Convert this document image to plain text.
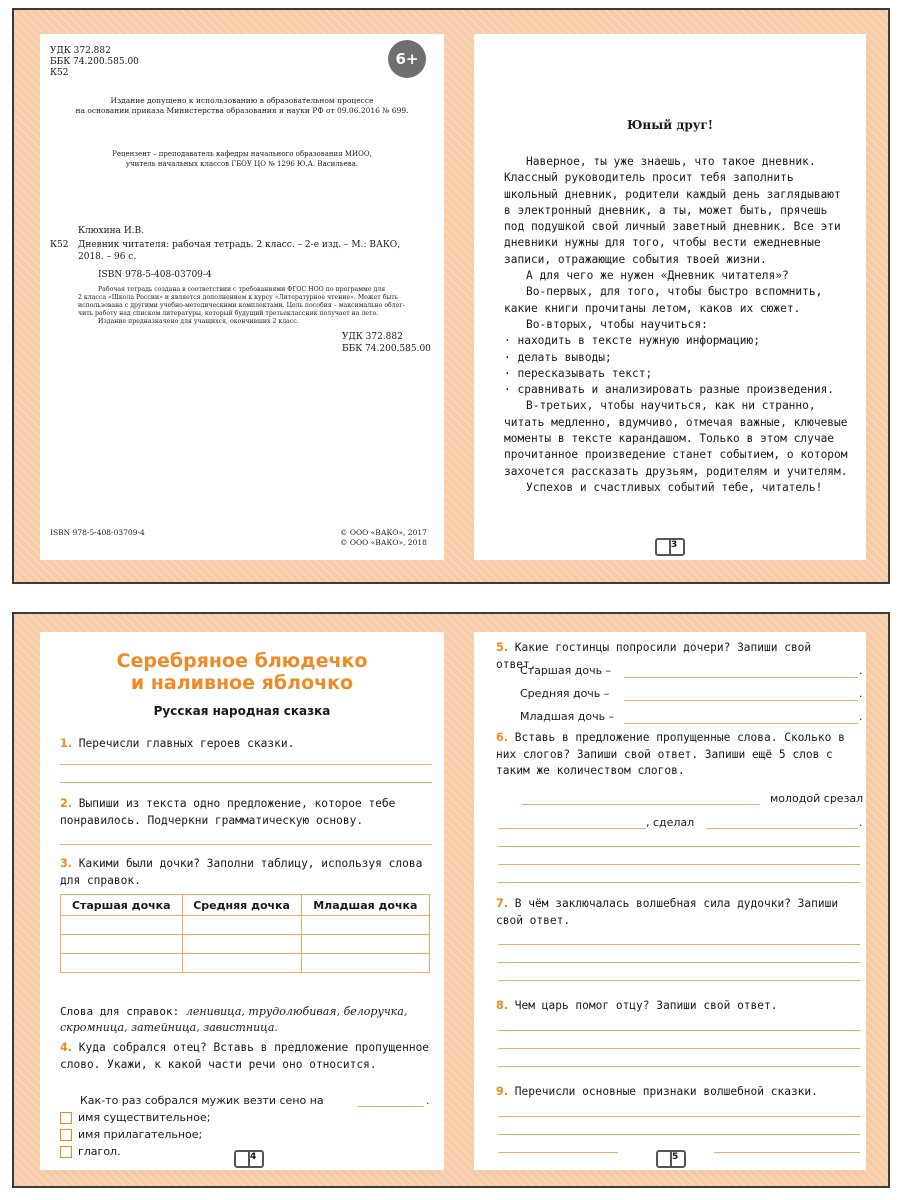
УДК 372.882
ББК 74.200.585.00
К52
6+
Издание допущено к использованию в образовательном процессе
на основании приказа Министерства образования и науки РФ от 09.06.2016 № 699.
Рецензент – преподаватель кафедры начального образования МИОО,
учитель начальных классов ГБОУ ЦО № 1296 Ю.А. Васильева.
Клюхина И.В.
К52 Дневник читателя: рабочая тетрадь. 2 класс. – 2-е изд. – М.: ВАКО,
2018. – 96 с.
ISBN 978-5-408-03709-4
Рабочая тетрадь создана в соответствии с требованиями ФГОС НОО по программе для
2 класса «Школа России» и является дополнением к курсу «Литературное чтение». Может быть
использована с другими учебно-методическими комплектами. Цель пособия – максимально облег-
чить работу над списком литературы, который будущий третьеклассник получает на лето.
Издание предназначено для учащихся, окончивших 2 класс.
УДК 372.882
ББК 74.200.585.00
ISBN 978-5-408-03709-4	© ООО «ВАКО», 2017
© ООО «ВАКО», 2018
Юный друг!

Наверное, ты уже знаешь, что такое дневник. Классный руководитель просит тебя заполнить школьный дневник, родители каждый день заглядывают в электронный дневник, а ты, может быть, прячешь под подушкой свой личный заветный дневник. Все эти дневники нужны для того, чтобы вести ежедневные записи, отражающие события твоей жизни.

А для чего же нужен «Дневник читателя»?

Во-первых, для того, чтобы быстро вспомнить, какие книги прочитаны летом, каков их сюжет.

Во-вторых, чтобы научиться:

· находить в тексте нужную информацию;

· делать выводы;

· пересказывать текст;

· сравнивать и анализировать разные произведения.

В-третьих, чтобы научиться, как ни странно, читать медленно, вдумчиво, отмечая важные, ключевые моменты в тексте карандашом. Только в этом случае прочитанное произведение станет событием, о котором захочется рассказать друзьям, родителям и учителям.

Успехов и счастливых событий тебе, читатель!

3
Серебряное блюдечко
и наливное яблочко
Русская народная сказка
1. Перечисли главных героев сказки.
2. Выпиши из текста одно предложение, которое тебе понравилось. Подчеркни грамматическую основу.
3. Какими были дочки? Заполни таблицу, используя слова для справок.
Старшая дочка	Средняя дочка	Младшая дочка

Слова для справок: ленивица, трудолюбивая, белоручка, скромница, затейница, завистница.
4. Куда собрался отец? Вставь в предложение пропущенное слово. Укажи, к какой части речи оно относится.
Как-то раз собрался мужик везти сено на	.
имя существительное;
имя прилагательное;
глагол.	4
5. Какие гостинцы попросили дочери? Запиши свой ответ.
Старшая дочь –	.
Средняя дочь –	.
Младшая дочь –	.
6. Вставь в предложение пропущенные слова. Сколько в них слогов? Запиши свой ответ. Запиши ещё 5 слов с таким же количеством слогов.
молодой срезал
, сделал	.
7. В чём заключалась волшебная сила дудочки? Запиши свой ответ.
8. Чем царь помог отцу? Запиши свой ответ.
9. Перечисли основные признаки волшебной сказки.
5
